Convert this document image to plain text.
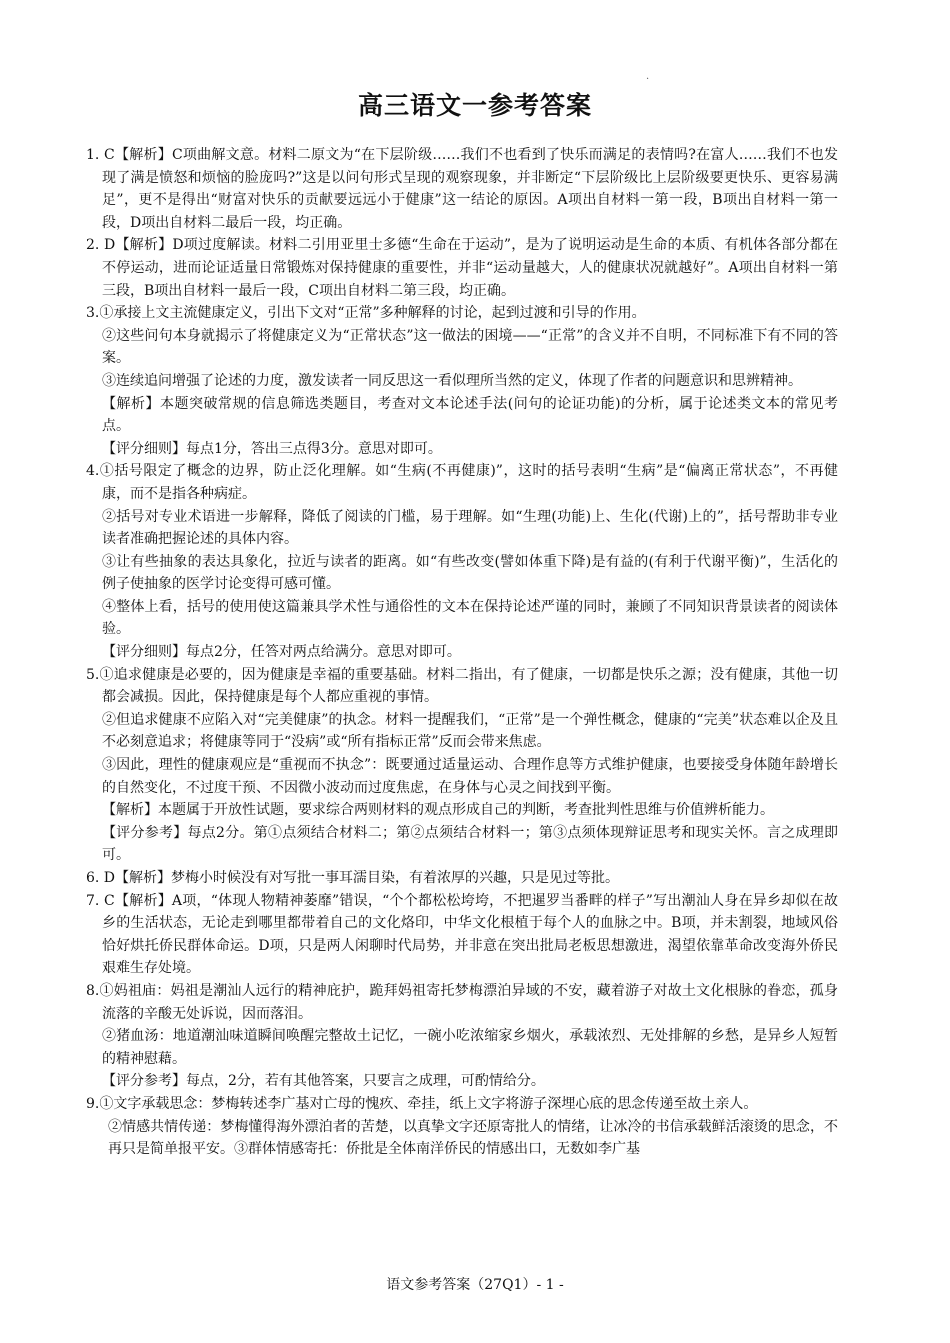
·
高三语文一参考答案

1. C【解析】C项曲解文意。材料二原文为“在下层阶级……我们不也看到了快乐而满足的表情吗?在富人……我们不也发现了满是愤怒和烦恼的脸庞吗?”这是以问句形式呈现的观察现象，并非断定“下层阶级比上层阶级要更快乐、更容易满足”，更不是得出“财富对快乐的贡献要远远小于健康”这一结论的原因。A项出自材料一第一段，B项出自材料一第一段，D项出自材料二最后一段，均正确。

2. D【解析】D项过度解读。材料二引用亚里士多德“生命在于运动”，是为了说明运动是生命的本质、有机体各部分都在不停运动，进而论证适量日常锻炼对保持健康的重要性，并非“运动量越大，人的健康状况就越好”。A项出自材料一第三段，B项出自材料一最后一段，C项出自材料二第三段，均正确。

3.①承接上文主流健康定义，引出下文对“正常”多种解释的讨论，起到过渡和引导的作用。

②这些问句本身就揭示了将健康定义为“正常状态”这一做法的困境——“正常”的含义并不自明，不同标准下有不同的答案。

③连续追问增强了论述的力度，激发读者一同反思这一看似理所当然的定义，体现了作者的问题意识和思辨精神。

【解析】本题突破常规的信息筛选类题目，考查对文本论述手法(问句的论证功能)的分析，属于论述类文本的常见考点。

【评分细则】每点1分，答出三点得3分。意思对即可。

4.①括号限定了概念的边界，防止泛化理解。如“生病(不再健康)”，这时的括号表明“生病”是“偏离正常状态”，不再健康，而不是指各种病症。

②括号对专业术语进一步解释，降低了阅读的门槛，易于理解。如“生理(功能)上、生化(代谢)上的”，括号帮助非专业读者准确把握论述的具体内容。

③让有些抽象的表达具象化，拉近与读者的距离。如“有些改变(譬如体重下降)是有益的(有利于代谢平衡)”，生活化的例子使抽象的医学讨论变得可感可懂。

④整体上看，括号的使用使这篇兼具学术性与通俗性的文本在保持论述严谨的同时，兼顾了不同知识背景读者的阅读体验。

【评分细则】每点2分，任答对两点给满分。意思对即可。

5.①追求健康是必要的，因为健康是幸福的重要基础。材料二指出，有了健康，一切都是快乐之源；没有健康，其他一切都会减损。因此，保持健康是每个人都应重视的事情。

②但追求健康不应陷入对“完美健康”的执念。材料一提醒我们，“正常”是一个弹性概念，健康的“完美”状态难以企及且不必刻意追求；将健康等同于“没病”或“所有指标正常”反而会带来焦虑。

③因此，理性的健康观应是“重视而不执念”：既要通过适量运动、合理作息等方式维护健康，也要接受身体随年龄增长的自然变化，不过度干预、不因微小波动而过度焦虑，在身体与心灵之间找到平衡。

【解析】本题属于开放性试题，要求综合两则材料的观点形成自己的判断，考查批判性思维与价值辨析能力。

【评分参考】每点2分。第①点须结合材料二；第②点须结合材料一；第③点须体现辩证思考和现实关怀。言之成理即可。

6. D【解析】梦梅小时候没有对写批一事耳濡目染，有着浓厚的兴趣，只是见过等批。

7. C【解析】A项，“体现人物精神萎靡”错误，“个个都松松垮垮，不把暹罗当番畔的样子”写出潮汕人身在异乡却似在故乡的生活状态，无论走到哪里都带着自己的文化烙印，中华文化根植于每个人的血脉之中。B项，并未割裂，地域风俗恰好烘托侨民群体命运。D项，只是两人闲聊时代局势，并非意在突出批局老板思想激进，渴望依靠革命改变海外侨民艰难生存处境。

8.①妈祖庙：妈祖是潮汕人远行的精神庇护，跪拜妈祖寄托梦梅漂泊异域的不安，藏着游子对故土文化根脉的眷恋，孤身流落的辛酸无处诉说，因而落泪。

②猪血汤：地道潮汕味道瞬间唤醒完整故土记忆，一碗小吃浓缩家乡烟火，承载浓烈、无处排解的乡愁，是异乡人短暂的精神慰藉。

【评分参考】每点，2分，若有其他答案，只要言之成理，可酌情给分。

9.①文字承载思念：梦梅转述李广基对亡母的愧疚、牵挂，纸上文字将游子深埋心底的思念传递至故土亲人。

②情感共情传递：梦梅懂得海外漂泊者的苦楚，以真挚文字还原寄批人的情绪，让冰冷的书信承载鲜活滚烫的思念，不再只是简单报平安。③群体情感寄托：侨批是全体南洋侨民的情感出口，无数如李广基

语文参考答案（27Q1）- 1 -
